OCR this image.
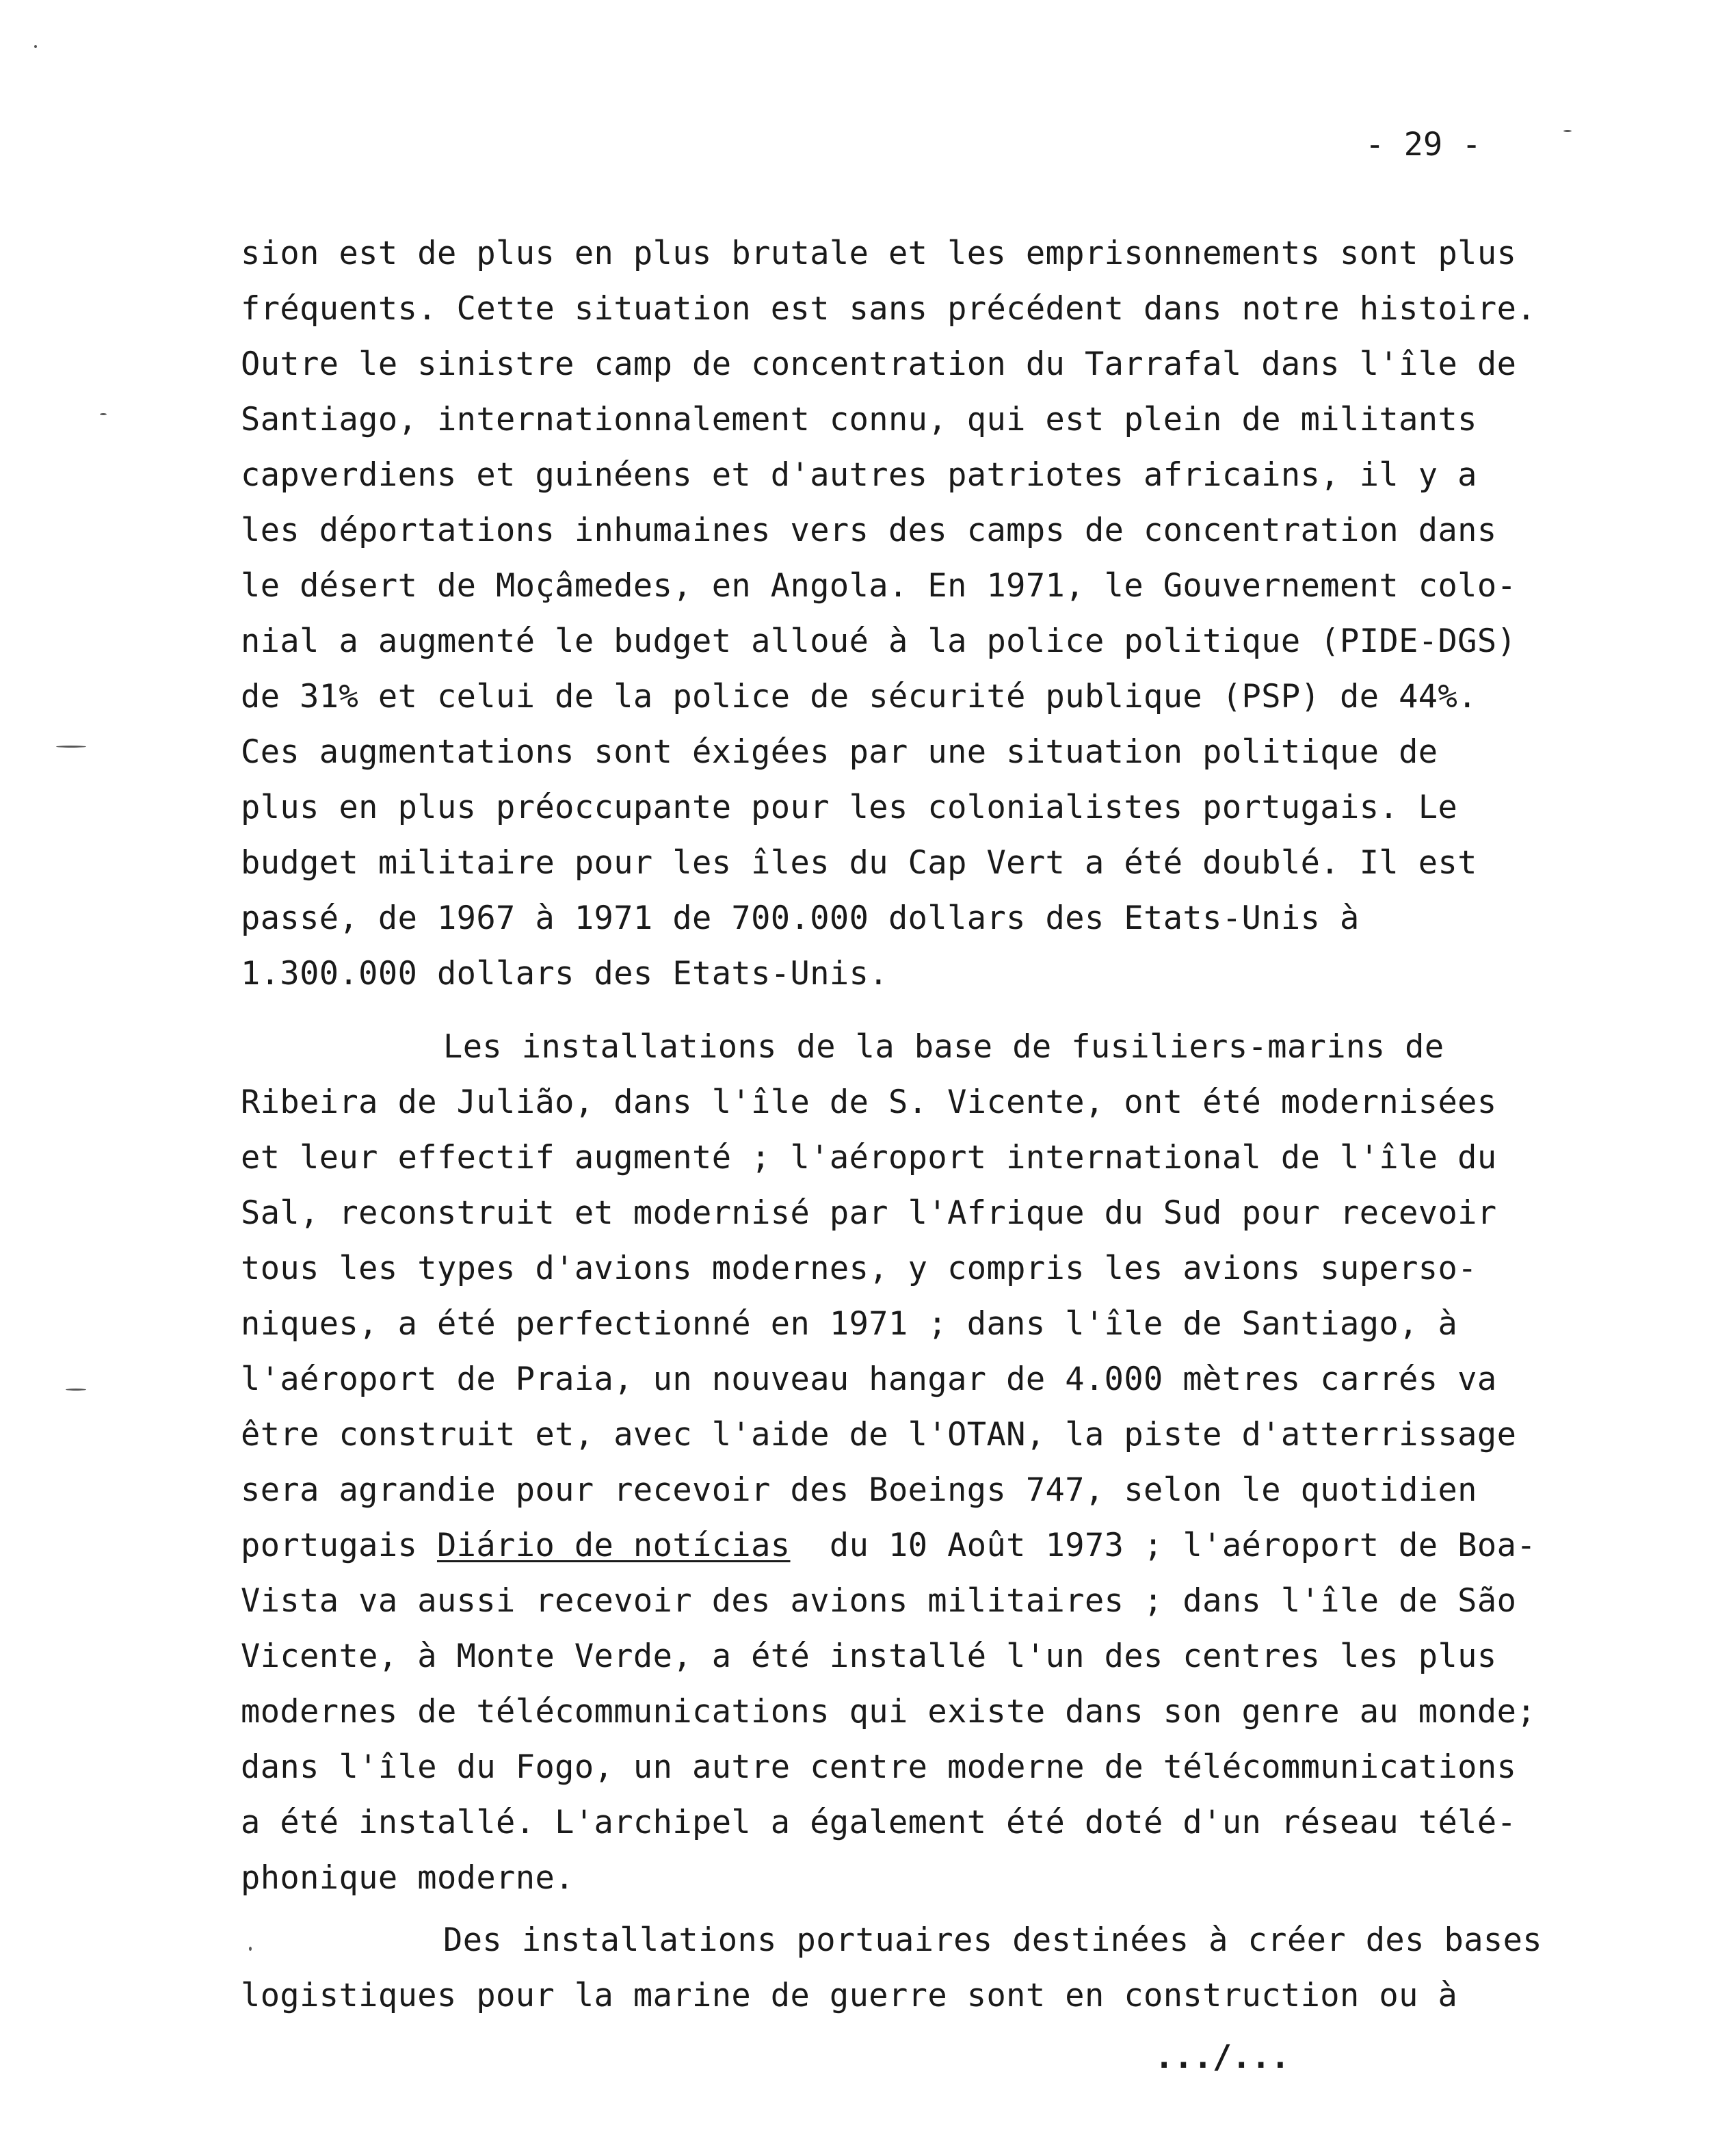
- 29 -
sion est de plus en plus brutale et les emprisonnements sont plus
fréquents. Cette situation est sans précédent dans notre histoire.
Outre le sinistre camp de concentration du Tarrafal dans l'île de
Santiago, internationnalement connu, qui est plein de militants
capverdiens et guinéens et d'autres patriotes africains, il y a
les déportations inhumaines vers des camps de concentration dans
le désert de Moçâmedes, en Angola. En 1971, le Gouvernement colo-
nial a augmenté le budget alloué à la police politique (PIDE-DGS)
de 31% et celui de la police de sécurité publique (PSP) de 44%.
Ces augmentations sont éxigées par une situation politique de
plus en plus préoccupante pour les colonialistes portugais. Le
budget militaire pour les îles du Cap Vert a été doublé. Il est
passé, de 1967 à 1971 de 700.000 dollars des Etats-Unis à
1.300.000 dollars des Etats-Unis.
Les installations de la base de fusiliers-marins de
Ribeira de Julião, dans l'île de S. Vicente, ont été modernisées
et leur effectif augmenté ; l'aéroport international de l'île du
Sal, reconstruit et modernisé par l'Afrique du Sud pour recevoir
tous les types d'avions modernes, y compris les avions superso-
niques, a été perfectionné en 1971 ; dans l'île de Santiago, à
l'aéroport de Praia, un nouveau hangar de 4.000 mètres carrés va
être construit et, avec l'aide de l'OTAN, la piste d'atterrissage
sera agrandie pour recevoir des Boeings 747, selon le quotidien
portugais Diário de notícias  du 10 Août 1973 ; l'aéroport de Boa-
Vista va aussi recevoir des avions militaires ; dans l'île de São
Vicente, à Monte Verde, a été installé l'un des centres les plus
modernes de télécommunications qui existe dans son genre au monde;
dans l'île du Fogo, un autre centre moderne de télécommunications
a été installé. L'archipel a également été doté d'un réseau télé-
phonique moderne.
Des installations portuaires destinées à créer des bases
logistiques pour la marine de guerre sont en construction ou à
.../...
